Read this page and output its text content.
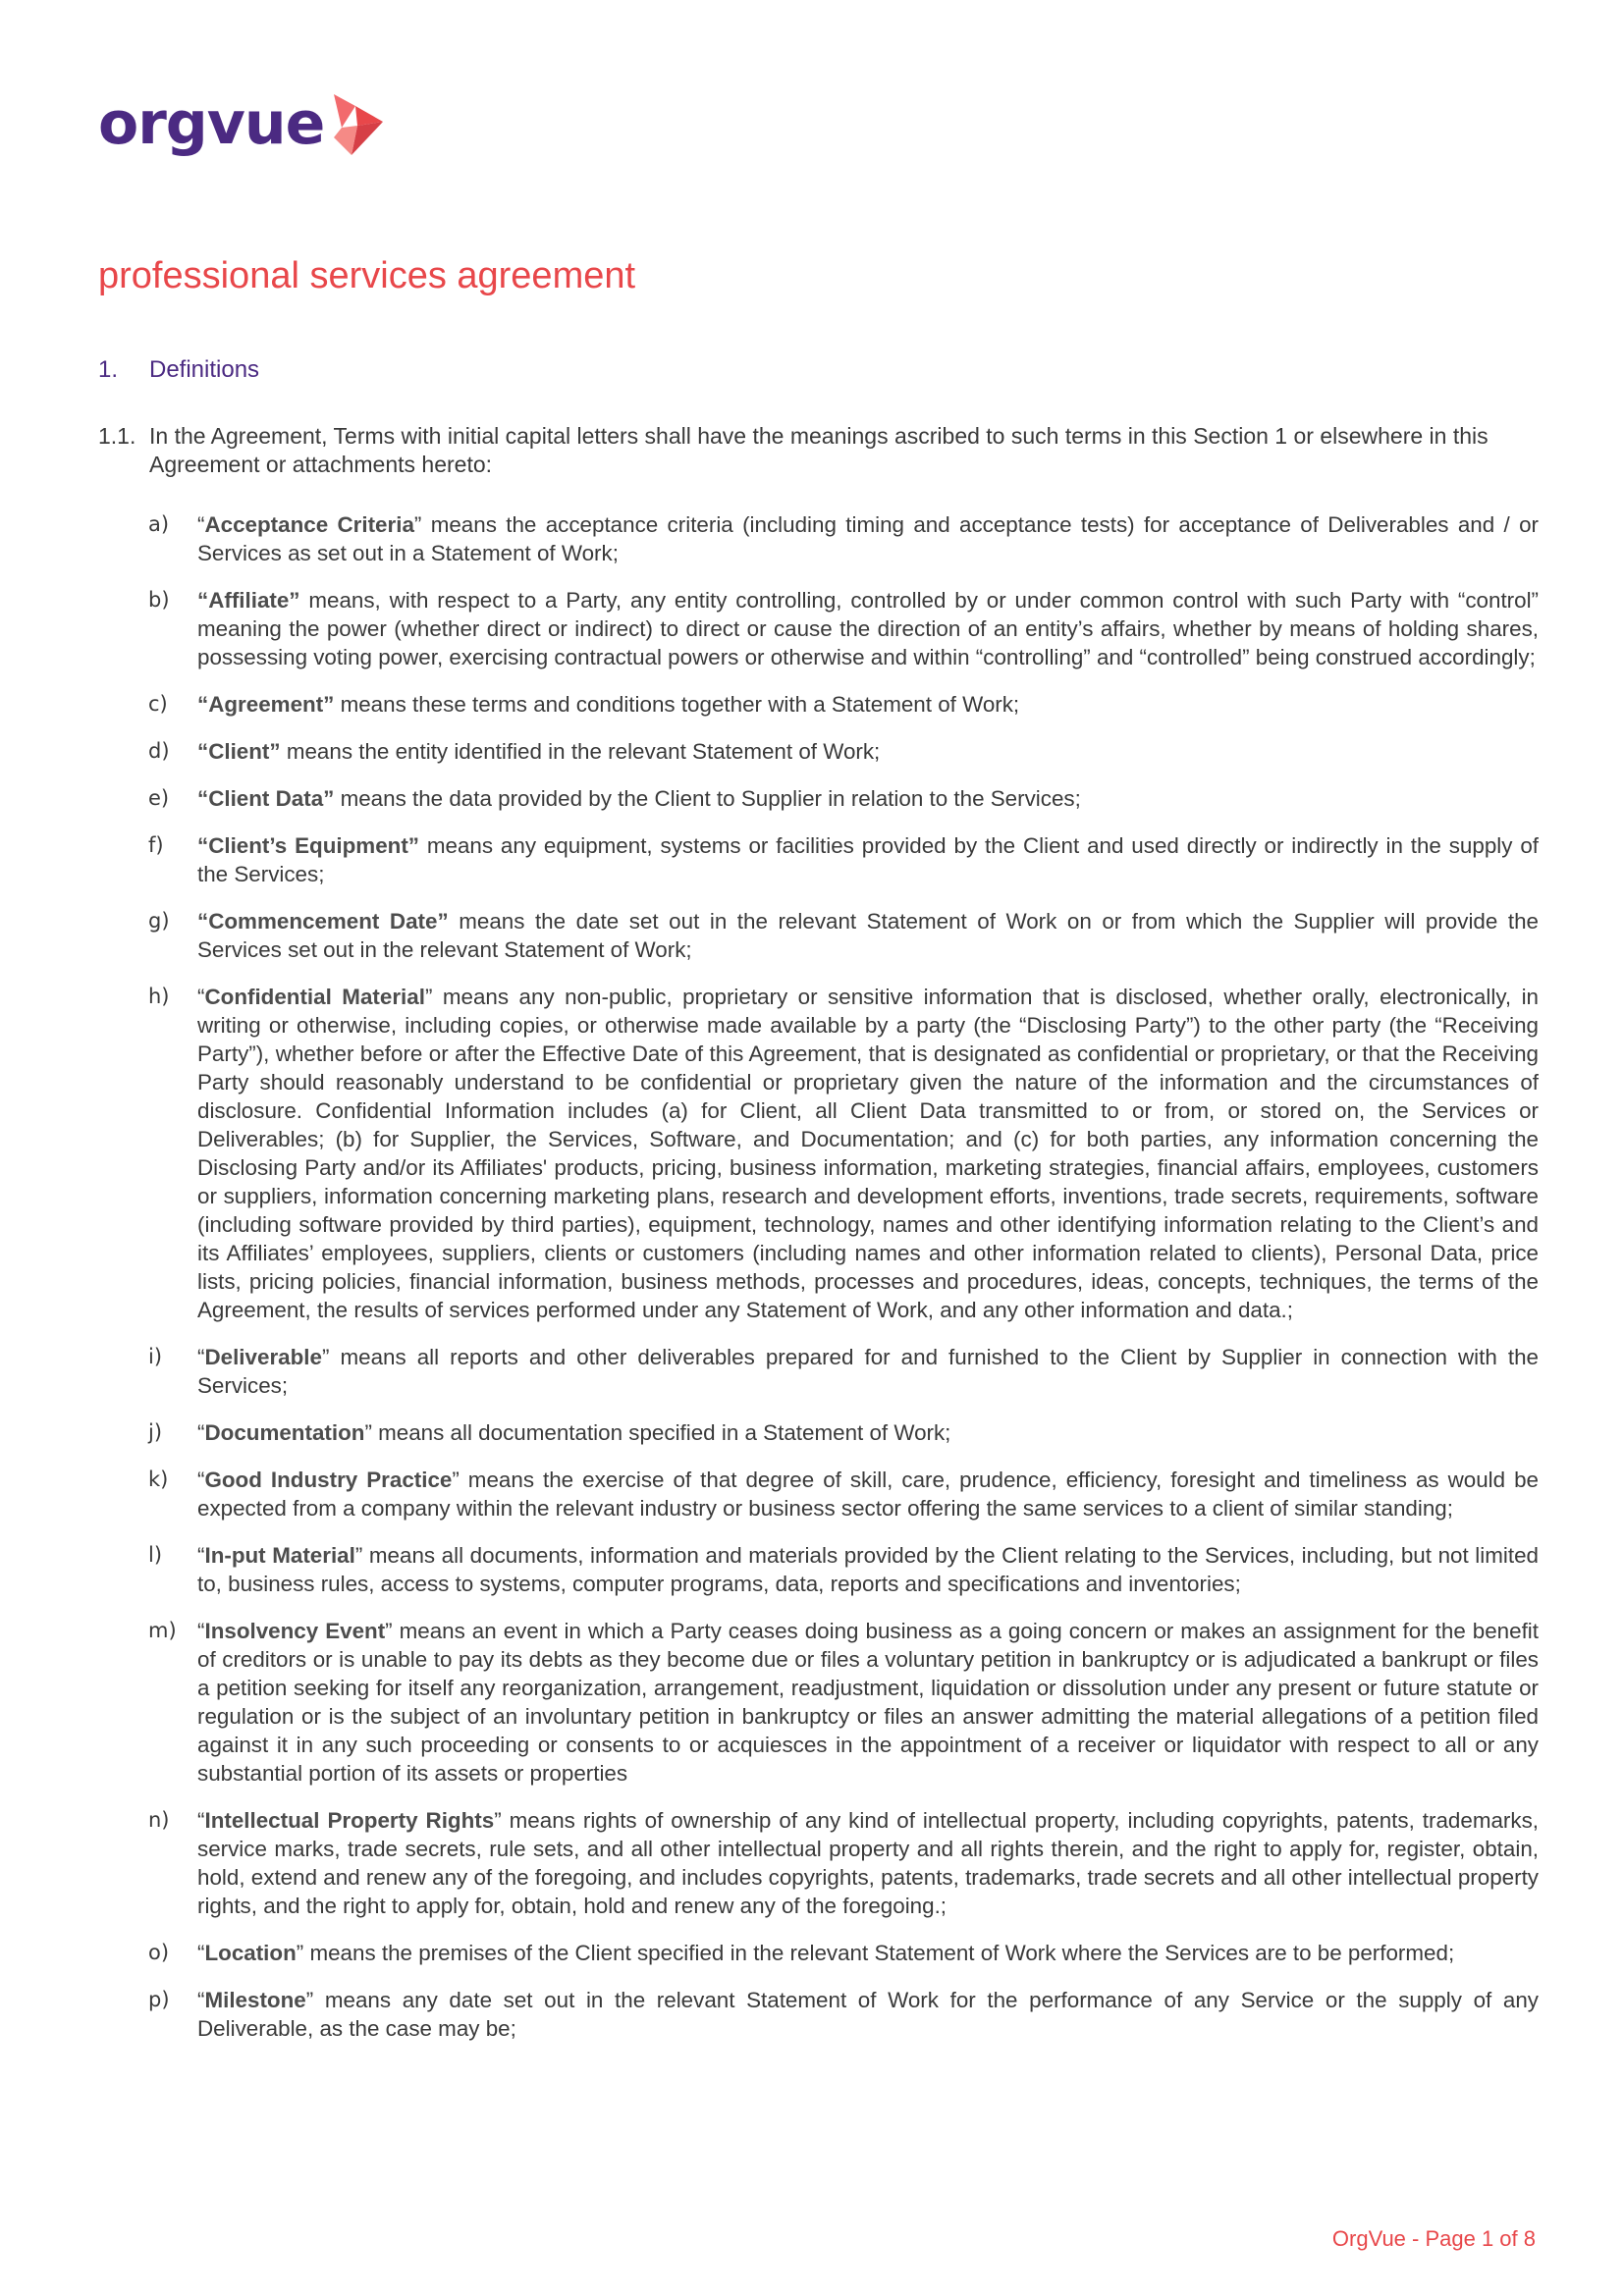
orgvue
professional services agreement
1.	Definitions
1.1. In the Agreement, Terms with initial capital letters shall have the meanings ascribed to such terms in this Section 1 or elsewhere in this Agreement or attachments hereto:
a)	“Acceptance Criteria” means the acceptance criteria (including timing and acceptance tests) for acceptance of Deliverables and / or Services as set out in a Statement of Work;
b)	“Affiliate” means, with respect to a Party, any entity controlling, controlled by or under common control with such Party with “control” meaning the power (whether direct or indirect) to direct or cause the direction of an entity’s affairs, whether by means of holding shares, possessing voting power, exercising contractual powers or otherwise and within “controlling” and “controlled” being construed accordingly;
c)	“Agreement” means these terms and conditions together with a Statement of Work;
d)	“Client” means the entity identified in the relevant Statement of Work;
e)	“Client Data” means the data provided by the Client to Supplier in relation to the Services;
f)	“Client’s Equipment” means any equipment, systems or facilities provided by the Client and used directly or indirectly in the supply of the Services;
g)	“Commencement Date” means the date set out in the relevant Statement of Work on or from which the Supplier will provide the Services set out in the relevant Statement of Work;
h)	“Confidential Material” means any non-public, proprietary or sensitive information that is disclosed, whether orally, electronically, in writing or otherwise, including copies, or otherwise made available by a party (the “Disclosing Party”) to the other party (the “Receiving Party”), whether before or after the Effective Date of this Agreement, that is designated as confidential or proprietary, or that the Receiving Party should reasonably understand to be confidential or proprietary given the nature of the information and the circumstances of disclosure. Confidential Information includes (a) for Client, all Client Data transmitted to or from, or stored on, the Services or Deliverables; (b) for Supplier, the Services, Software, and Documentation; and (c) for both parties, any information concerning the Disclosing Party and/or its Affiliates' products, pricing, business information, marketing strategies, financial affairs, employees, customers or suppliers, information concerning marketing plans, research and development efforts, inventions, trade secrets, requirements, software (including software provided by third parties), equipment, technology, names and other identifying information relating to the Client’s and its Affiliates’ employees, suppliers, clients or customers (including names and other information related to clients), Personal Data, price lists, pricing policies, financial information, business methods, processes and procedures, ideas, concepts, techniques, the terms of the Agreement, the results of services performed under any Statement of Work, and any other information and data.;
i)	“Deliverable” means all reports and other deliverables prepared for and furnished to the Client by Supplier in connection with the Services;
j)	“Documentation” means all documentation specified in a Statement of Work;
k)	“Good Industry Practice” means the exercise of that degree of skill, care, prudence, efficiency, foresight and timeliness as would be expected from a company within the relevant industry or business sector offering the same services to a client of similar standing;
l)	“In-put Material” means all documents, information and materials provided by the Client relating to the Services, including, but not limited to, business rules, access to systems, computer programs, data, reports and specifications and inventories;
m) “Insolvency Event” means an event in which a Party ceases doing business as a going concern or makes an assignment for the benefit of creditors or is unable to pay its debts as they become due or files a voluntary petition in bankruptcy or is adjudicated a bankrupt or files a petition seeking for itself any reorganization, arrangement, readjustment, liquidation or dissolution under any present or future statute or regulation or is the subject of an involuntary petition in bankruptcy or files an answer admitting the material allegations of a petition filed against it in any such proceeding or consents to or acquiesces in the appointment of a receiver or liquidator with respect to all or any substantial portion of its assets or properties
n)	“Intellectual Property Rights” means rights of ownership of any kind of intellectual property, including copyrights, patents, trademarks, service marks, trade secrets, rule sets, and all other intellectual property and all rights therein, and the right to apply for, register, obtain, hold, extend and renew any of the foregoing, and includes copyrights, patents, trademarks, trade secrets and all other intellectual property rights, and the right to apply for, obtain, hold and renew any of the foregoing.;
o)	“Location” means the premises of the Client specified in the relevant Statement of Work where the Services are to be performed;
p)	“Milestone” means any date set out in the relevant Statement of Work for the performance of any Service or the supply of any Deliverable, as the case may be;
OrgVue - Page 1 of 8
